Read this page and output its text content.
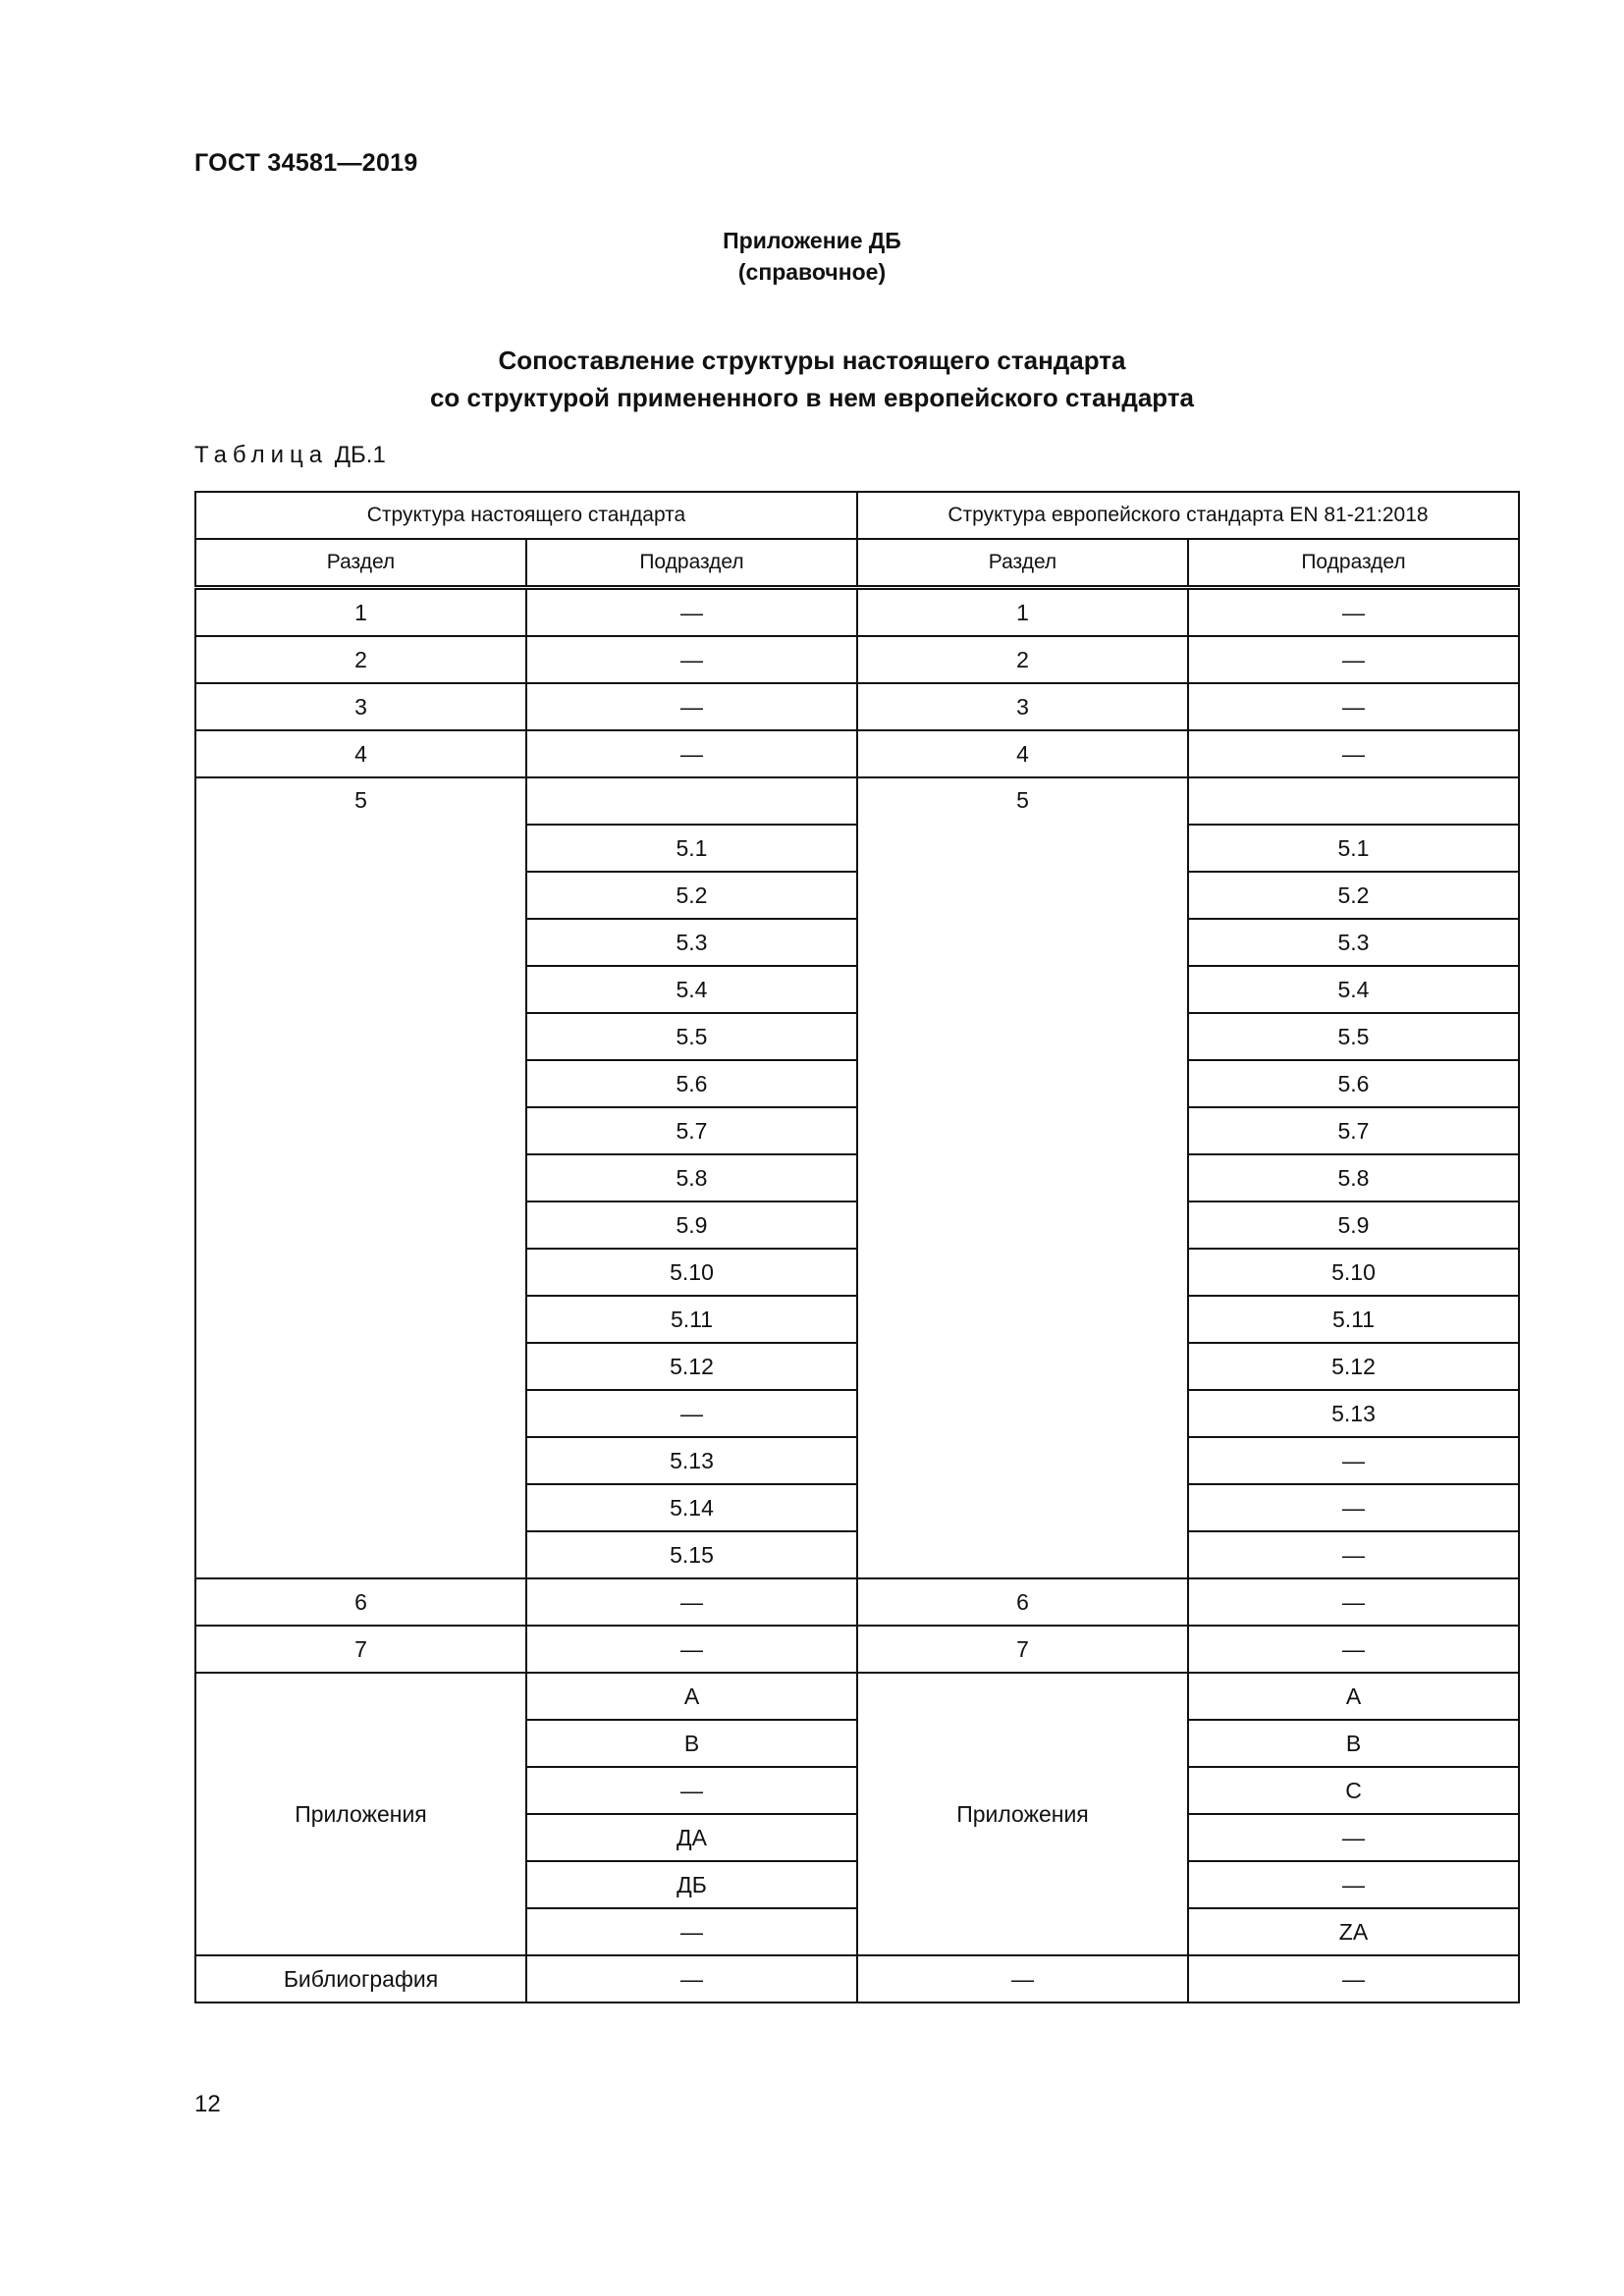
ГОСТ 34581—2019
Приложение ДБ
(справочное)
Сопоставление структуры настоящего стандарта
со структурой примененного в нем европейского стандарта
Таблица ДБ.1
Структура настоящего стандарта		Структура европейского стандарта EN 81-21:2018	
Раздел	Подраздел	Раздел	Подраздел
1	—	1	—
2	—	2	—
3	—	3	—
4	—	4	—
5		5	
	5.1		5.1
	5.2		5.2
	5.3		5.3
	5.4		5.4
	5.5		5.5
	5.6		5.6
	5.7		5.7
	5.8		5.8
	5.9		5.9
	5.10		5.10
	5.11		5.11
	5.12		5.12
	—		5.13
	5.13		—
	5.14		—
	5.15		—
6	—	6	—
7	—	7	—
Приложения	А	Приложения	А
	В		В
	—		С
	ДА		—
	ДБ		—
	—		ZA
Библиография	—	—	—
12
